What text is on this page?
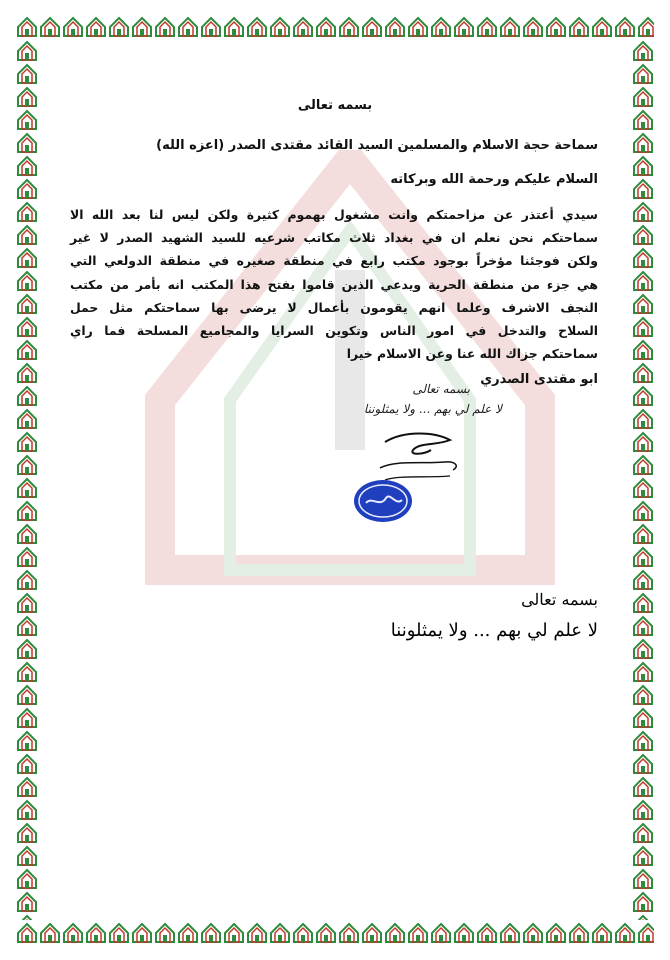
بسمه تعالى
سماحة حجة الاسلام والمسلمين السيد القائد مقتدى الصدر (اعزه الله)
السلام عليكم ورحمة الله وبركاته
سيدي أعتذر عن مزاحمتكم وانت مشغول بهموم كثيرة ولكن ليس لنا بعد الله الا
سماحتكم نحن نعلم ان في بغداد ثلاث مكاتب شرعيه للسيد الشهيد الصدر لا غير
ولكن فوجئنا مؤخراً بوجود مكتب رابع في منطقة صغيره في منطقة الدولعي التي
هي جزء من منطقة الحرية ويدعي الذين قاموا بفتح هذا المكتب انه بأمر من مكتب
النجف الاشرف وعلما انهم يقومون بأعمال لا يرضى بها سماحتكم مثل حمل
السلاح والتدخل في امور الناس وتكوين السرايا والمجاميع المسلحة فما راي
سماحتكم جزاك الله عنا وعن الاسلام خيرا
ابو مقتدى الصدري
بسمه تعالى
لا علم لي بهم ... ولا يمثلوننا
بسمه تعالى
لا علم لي بهم ... ولا يمثلوننا
